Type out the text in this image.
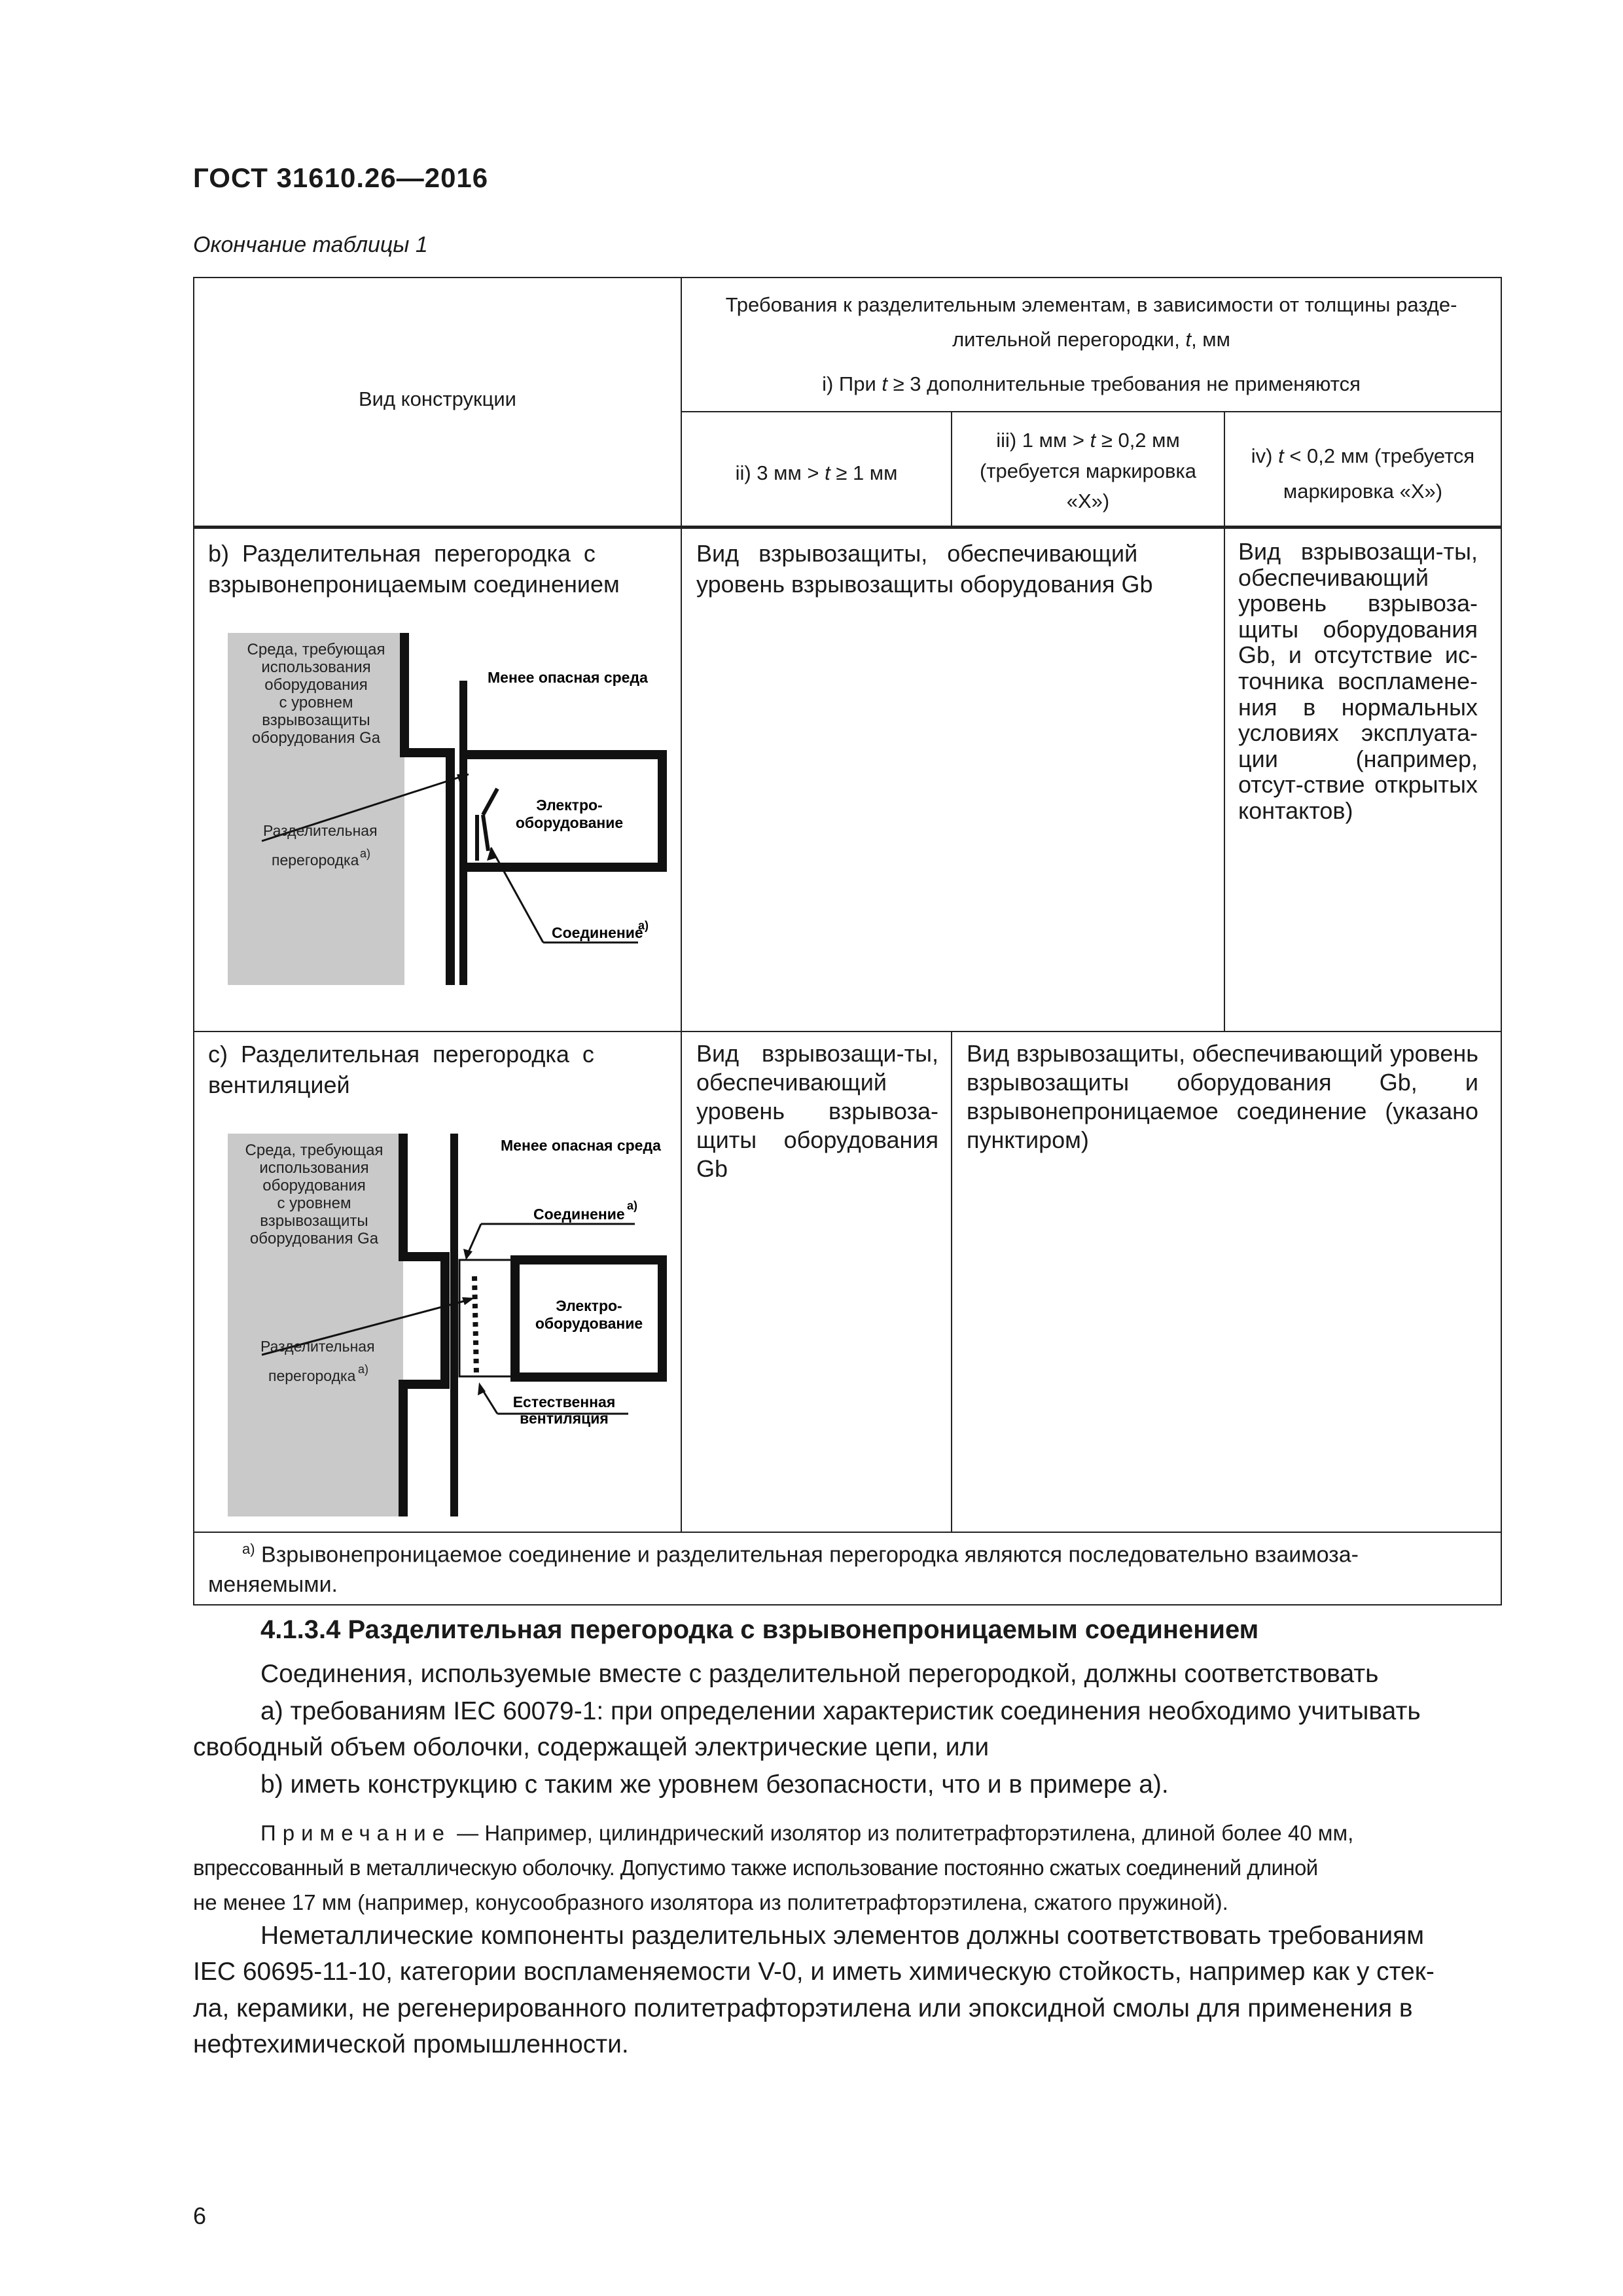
ГОСТ 31610.26—2016
Окончание таблицы 1
Вид конструкции
Требования к разделительным элементам, в зависимости от толщины разде-
лительной перегородки, t, мм
i) При t ≥ 3 дополнительные требования не применяются
ii) 3 мм > t ≥ 1 мм
iii) 1 мм > t ≥ 0,2 мм
(требуется маркировка
«X»)
iv) t < 0,2 мм (требуется
маркировка «X»)
b)  Разделительная  перегородка  с
взрывонепроницаемым соединением
Вид   взрывозащиты,   обеспечивающий
уровень взрывозащиты оборудования Gb
Вид взрывозащи-ты, обеспечивающий уровень взрывоза-щиты оборудования Gb, и отсутствие ис-точника воспламене-ния в нормальных условиях эксплуата-ции (например, отсут-ствие открытых контактов)
c)  Разделительная  перегородка  с
вентиляцией
Вид взрывозащи-ты, обеспечивающий уровень взрывоза-щиты оборудования Gb
Вид взрывозащиты, обеспечивающий уровень взрывозащиты оборудования Gb, и взрывонепроницаемое соединение (указано пунктиром)
$^{a)}$ Взрывонепроницаемое соединение и разделительная перегородка являются последовательно взаимоза-
меняемыми.
Среда, требующая
использования
оборудования
с уровнем
взрывозащиты
оборудования Ga
Менее опасная среда
Электро-
оборудование
Разделительная
перегородка a)
Соединение
a)
Среда, требующая
использования
оборудования
с уровнем
взрывозащиты
оборудования Ga
Менее опасная среда
Соединение a)
Электро-
оборудование
Разделительная
перегородка a)
Естественная
вентиляция
4.1.3.4 Разделительная перегородка с взрывонепроницаемым соединением
Соединения, используемые вместе с разделительной перегородкой, должны соответствовать
a) требованиям IEC 60079-1: при определении характеристик соединения необходимо учитывать
свободный объем оболочки, содержащей электрические цепи, или
b) иметь конструкцию с таким же уровнем безопасности, что и в примере a).
Примечание — Например, цилиндрический изолятор из политетрафторэтилена, длиной более 40 мм,
впрессованный в металлическую оболочку. Допустимо также использование постоянно сжатых соединений длиной
не менее 17 мм (например, конусообразного изолятора из политетрафторэтилена, сжатого пружиной).
Неметаллические компоненты разделительных элементов должны соответствовать требованиям
IEC 60695-11-10, категории воспламеняемости V-0, и иметь химическую стойкость, например как у стек-
ла, керамики, не регенерированного политетрафторэтилена или эпоксидной смолы для применения в
нефтехимической промышленности.
6
